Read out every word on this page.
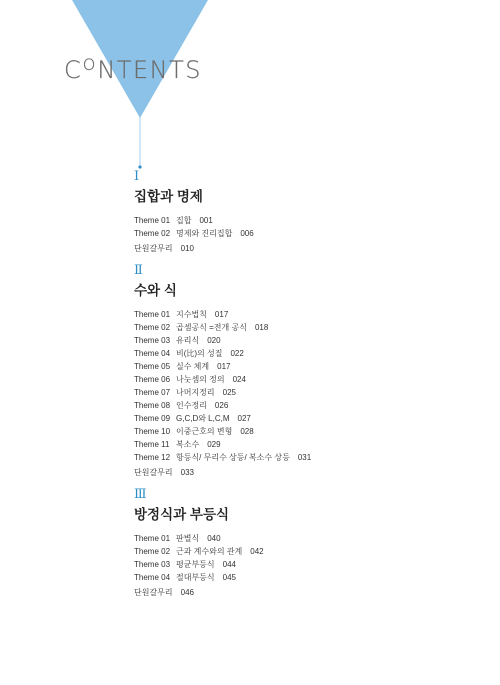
$C^ONTENTS$
Ⅰ
집합과 명제
Theme 01 집합 001
Theme 02 명제와 진리집합 006
단원갈무리 010
Ⅱ
수와 식
Theme 01 지수법칙 017
Theme 02 곱셈공식 =전개 공식 018
Theme 03 유리식 020
Theme 04 비(比)의 성질 022
Theme 05 실수 체계 017
Theme 06 나눗셈의 정의 024
Theme 07 나머지정리 025
Theme 08 인수정리 026
Theme 09 G,C,D와 L,C,M 027
Theme 10 이중근호의 변형 028
Theme 11 복소수 029
Theme 12 항등식/ 무리수 상등/ 복소수 상등 031
단원갈무리 033
Ⅲ
방정식과 부등식
Theme 01 판별식 040
Theme 02 근과 계수와의 관계 042
Theme 03 평균부등식 044
Theme 04 절대부등식 045
단원갈무리 046
